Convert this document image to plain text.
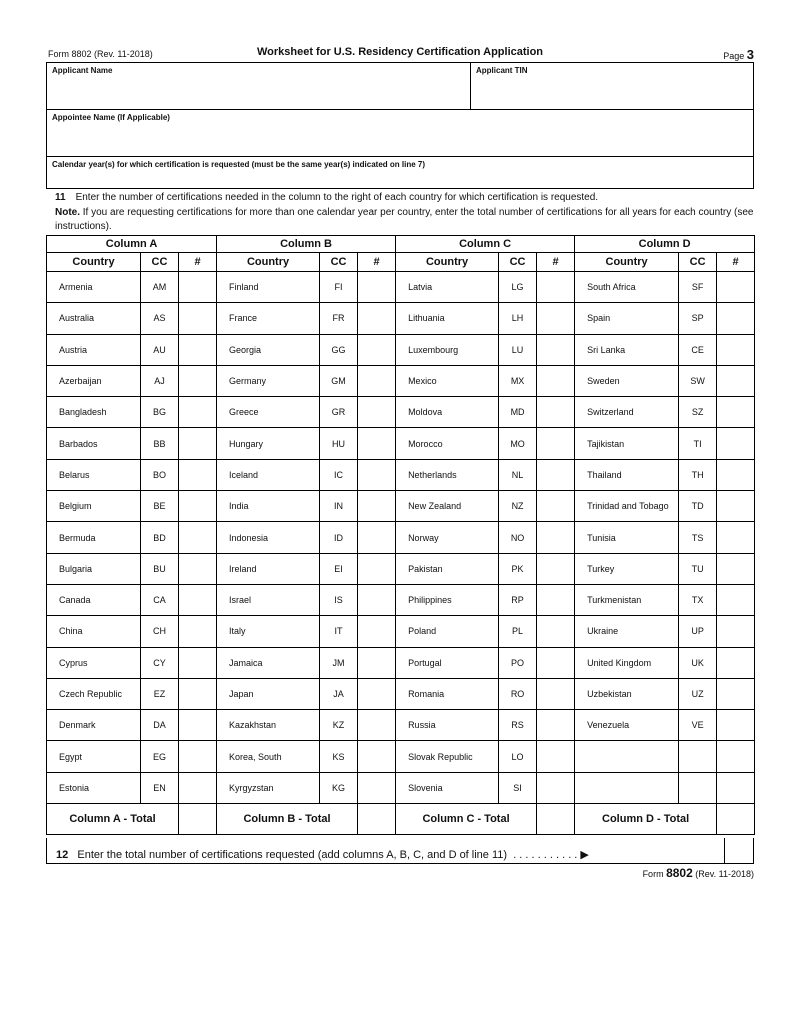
Form 8802 (Rev. 11-2018)	Worksheet for U.S. Residency Certification Application	Page 3
Applicant Name	Applicant TIN
Appointee Name (If Applicable)
Calendar year(s) for which certification is requested (must be the same year(s) indicated on line 7)
11 Enter the number of certifications needed in the column to the right of each country for which certification is requested.
Note. If you are requesting certifications for more than one calendar year per country, enter the total number of certifications for all years for each country (see instructions).
Column A			Column B			Column C			Column D		
Country	CC	#	Country	CC	#	Country	CC	#	Country	CC	#
Armenia	AM		Finland	FI		Latvia	LG		South Africa	SF	
Australia	AS		France	FR		Lithuania	LH		Spain	SP	
Austria	AU		Georgia	GG		Luxembourg	LU		Sri Lanka	CE	
Azerbaijan	AJ		Germany	GM		Mexico	MX		Sweden	SW	
Bangladesh	BG		Greece	GR		Moldova	MD		Switzerland	SZ	
Barbados	BB		Hungary	HU		Morocco	MO		Tajikistan	TI	
Belarus	BO		Iceland	IC		Netherlands	NL		Thailand	TH	
Belgium	BE		India	IN		New Zealand	NZ		Trinidad and Tobago	TD	
Bermuda	BD		Indonesia	ID		Norway	NO		Tunisia	TS	
Bulgaria	BU		Ireland	EI		Pakistan	PK		Turkey	TU	
Canada	CA		Israel	IS		Philippines	RP		Turkmenistan	TX	
China	CH		Italy	IT		Poland	PL		Ukraine	UP	
Cyprus	CY		Jamaica	JM		Portugal	PO		United Kingdom	UK	
Czech Republic	EZ		Japan	JA		Romania	RO		Uzbekistan	UZ	
Denmark	DA		Kazakhstan	KZ		Russia	RS		Venezuela	VE	
Egypt	EG		Korea, South	KS		Slovak Republic	LO				
Estonia	EN		Kyrgyzstan	KG		Slovenia	SI				
Column A - Total			Column B - Total			Column C - Total			Column D - Total		
12 Enter the total number of certifications requested (add columns A, B, C, and D of line 11) . . . . . . . . . . . ▶
Form 8802 (Rev. 11-2018)
